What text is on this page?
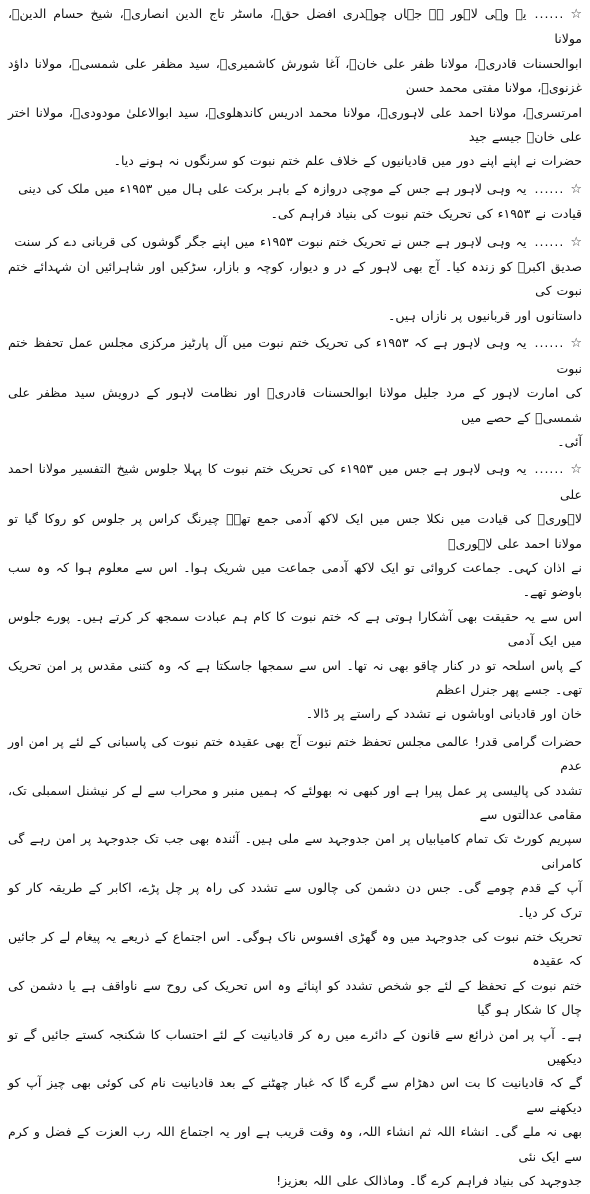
☆......یہ وہی لاہور ہے جہاں چوہدری افضل حقؒ، ماسٹر تاج الدین انصاریؒ، شیخ حسام الدینؒ، مولانا
ابوالحسنات قادریؒ، مولانا ظفر علی خانؒ، آغا شورش کاشمیریؒ، سید مظفر علی شمسیؒ، مولانا داؤد غزنویؒ، مولانا مفتی محمد حسن
امرتسریؒ، مولانا احمد علی لاہوریؒ، مولانا محمد ادریس کاندھلویؒ، سید ابوالاعلیٰ مودودیؒ، مولانا اختر علی خانؒ جیسے جید
حضرات نے اپنے اپنے دور میں قادیانیوں کے خلاف علم ختم نبوت کو سرنگوں نہ ہونے دیا۔

☆......یہ وہی لاہور ہے جس کے موچی دروازہ کے باہر برکت علی ہال میں ۱۹۵۳ء میں ملک کی دینی
قیادت نے ۱۹۵۳ء کی تحریک ختم نبوت کی بنیاد فراہم کی۔

☆......یہ وہی لاہور ہے جس نے تحریک ختم نبوت ۱۹۵۳ء میں اپنے جگر گوشوں کی قربانی دے کر سنت
صدیق اکبرؓ کو زندہ کیا۔ آج بھی لاہور کے در و دیوار، کوچہ و بازار، سڑکیں اور شاہرائیں ان شہدائے ختم نبوت کی
داستانوں اور قربانیوں پر نازاں ہیں۔

☆......یہ وہی لاہور ہے کہ ۱۹۵۳ء کی تحریک ختم نبوت میں آل پارٹیز مرکزی مجلس عمل تحفظ ختم نبوت
کی امارت لاہور کے مرد جلیل مولانا ابوالحسنات قادریؒ اور نظامت لاہور کے درویش سید مظفر علی شمسیؒ کے حصے میں
آئی۔

☆......یہ وہی لاہور ہے جس میں ۱۹۵۳ء کی تحریک ختم نبوت کا پہلا جلوس شیخ التفسیر مولانا احمد علی
لاہوریؒ کی قیادت میں نکلا جس میں ایک لاکھ آدمی جمع تھے۔ چیرنگ کراس پر جلوس کو روکا گیا تو مولانا احمد علی لاہوریؒ
نے اذان کہی۔ جماعت کروائی تو ایک لاکھ آدمی جماعت میں شریک ہوا۔ اس سے معلوم ہوا کہ وہ سب باوضو تھے۔
اس سے یہ حقیقت بھی آشکارا ہوتی ہے کہ ختم نبوت کا کام ہم عبادت سمجھ کر کرتے ہیں۔ پورے جلوس میں ایک آدمی
کے پاس اسلحہ تو در کنار چاقو بھی نہ تھا۔ اس سے سمجھا جاسکتا ہے کہ وہ کتنی مقدس پر امن تحریک تھی۔ جسے پھر جنرل اعظم
خان اور قادیانی اوباشوں نے تشدد کے راستے پر ڈالا۔

حضرات گرامی قدر! عالمی مجلس تحفظ ختم نبوت آج بھی عقیدہ ختم نبوت کی پاسبانی کے لئے پر امن اور عدم
تشدد کی پالیسی پر عمل پیرا ہے اور کبھی نہ بھولئے کہ ہمیں منبر و محراب سے لے کر نیشنل اسمبلی تک، مقامی عدالتوں سے
سپریم کورٹ تک تمام کامیابیاں پر امن جدوجہد سے ملی ہیں۔ آئندہ بھی جب تک جدوجہد پر امن رہے گی کامرانی
آپ کے قدم چومے گی۔ جس دن دشمن کی چالوں سے تشدد کی راہ پر چل پڑے، اکابر کے طریقہ کار کو ترک کر دیا۔
تحریک ختم نبوت کی جدوجہد میں وہ گھڑی افسوس ناک ہوگی۔ اس اجتماع کے ذریعے یہ پیغام لے کر جائیں کہ عقیدہ
ختم نبوت کے تحفظ کے لئے جو شخص تشدد کو اپنائے وہ اس تحریک کی روح سے ناواقف ہے یا دشمن کی چال کا شکار ہو گیا
ہے۔ آپ پر امن ذرائع سے قانون کے دائرے میں رہ کر قادیانیت کے لئے احتساب کا شکنجہ کستے جائیں گے تو دیکھیں
گے کہ قادیانیت کا بت اس دھڑام سے گرے گا کہ غبار چھٹنے کے بعد قادیانیت نام کی کوئی بھی چیز آپ کو دیکھنے سے
بھی نہ ملے گی۔ انشاء اللہ ثم انشاء اللہ، وہ وقت قریب ہے اور یہ اجتماع اللہ رب العزت کے فضل و کرم سے ایک نئی
جدوجہد کی بنیاد فراہم کرے گا۔ وماذالک علی اللہ بعزیز!
